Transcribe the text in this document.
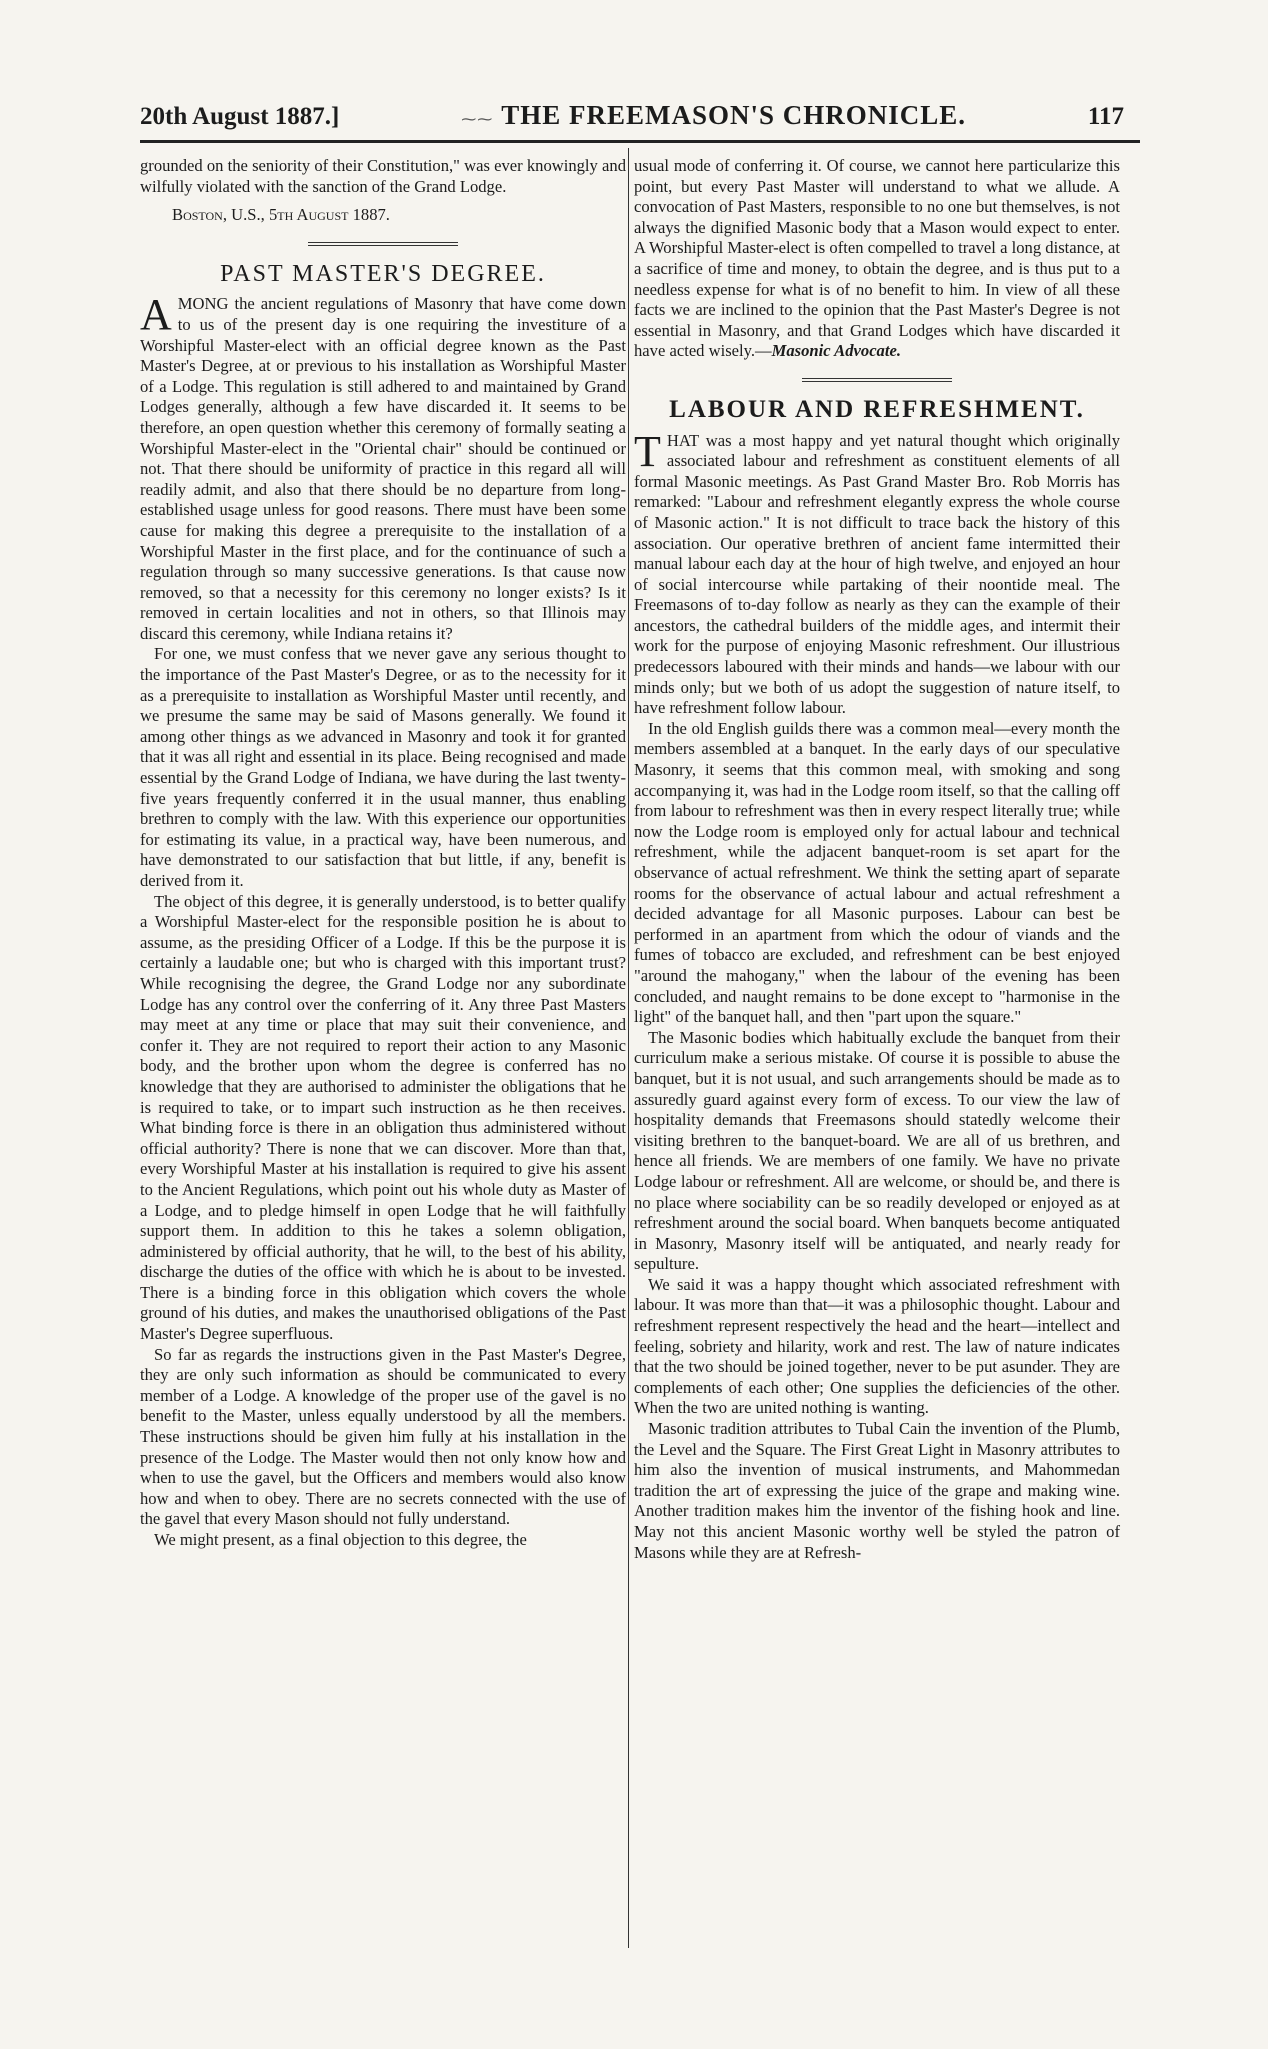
20th August 1887.]	⁓⁓ THE FREEMASON'S CHRONICLE.	117

grounded on the seniority of their Constitution," was ever knowingly and wilfully violated with the sanction of the Grand Lodge.

Boston, U.S., 5th August 1887.

PAST MASTER'S DEGREE.

AMONG the ancient regulations of Masonry that have come down to us of the present day is one requiring the investiture of a Worshipful Master-elect with an official degree known as the Past Master's Degree, at or previous to his installation as Worshipful Master of a Lodge. This regulation is still adhered to and maintained by Grand Lodges generally, although a few have discarded it. It seems to be therefore, an open question whether this ceremony of formally seating a Worshipful Master-elect in the "Oriental chair" should be continued or not. That there should be uniformity of practice in this regard all will readily admit, and also that there should be no departure from long-established usage unless for good reasons. There must have been some cause for making this degree a prerequisite to the installation of a Worshipful Master in the first place, and for the continuance of such a regulation through so many successive generations. Is that cause now removed, so that a necessity for this ceremony no longer exists? Is it removed in certain localities and not in others, so that Illinois may discard this ceremony, while Indiana retains it?

For one, we must confess that we never gave any serious thought to the importance of the Past Master's Degree, or as to the necessity for it as a prerequisite to installation as Worshipful Master until recently, and we presume the same may be said of Masons generally. We found it among other things as we advanced in Masonry and took it for granted that it was all right and essential in its place. Being recognised and made essential by the Grand Lodge of Indiana, we have during the last twenty-five years frequently conferred it in the usual manner, thus enabling brethren to comply with the law. With this experience our opportunities for estimating its value, in a practical way, have been numerous, and have demonstrated to our satisfaction that but little, if any, benefit is derived from it.

The object of this degree, it is generally understood, is to better qualify a Worshipful Master-elect for the responsible position he is about to assume, as the presiding Officer of a Lodge. If this be the purpose it is certainly a laudable one; but who is charged with this important trust? While recognising the degree, the Grand Lodge nor any subordinate Lodge has any control over the conferring of it. Any three Past Masters may meet at any time or place that may suit their convenience, and confer it. They are not required to report their action to any Masonic body, and the brother upon whom the degree is conferred has no knowledge that they are authorised to administer the obligations that he is required to take, or to impart such instruction as he then receives. What binding force is there in an obligation thus administered without official authority? There is none that we can discover. More than that, every Worshipful Master at his installation is required to give his assent to the Ancient Regulations, which point out his whole duty as Master of a Lodge, and to pledge himself in open Lodge that he will faithfully support them. In addition to this he takes a solemn obligation, administered by official authority, that he will, to the best of his ability, discharge the duties of the office with which he is about to be invested. There is a binding force in this obligation which covers the whole ground of his duties, and makes the unauthorised obligations of the Past Master's Degree superfluous.

So far as regards the instructions given in the Past Master's Degree, they are only such information as should be communicated to every member of a Lodge. A knowledge of the proper use of the gavel is no benefit to the Master, unless equally understood by all the members. These instructions should be given him fully at his installation in the presence of the Lodge. The Master would then not only know how and when to use the gavel, but the Officers and members would also know how and when to obey. There are no secrets connected with the use of the gavel that every Mason should not fully understand.

We might present, as a final objection to this degree, the

usual mode of conferring it. Of course, we cannot here particularize this point, but every Past Master will understand to what we allude. A convocation of Past Masters, responsible to no one but themselves, is not always the dignified Masonic body that a Mason would expect to enter. A Worshipful Master-elect is often compelled to travel a long distance, at a sacrifice of time and money, to obtain the degree, and is thus put to a needless expense for what is of no benefit to him. In view of all these facts we are inclined to the opinion that the Past Master's Degree is not essential in Masonry, and that Grand Lodges which have discarded it have acted wisely.—Masonic Advocate.

LABOUR AND REFRESHMENT.

THAT was a most happy and yet natural thought which originally associated labour and refreshment as constituent elements of all formal Masonic meetings. As Past Grand Master Bro. Rob Morris has remarked: "Labour and refreshment elegantly express the whole course of Masonic action." It is not difficult to trace back the history of this association. Our operative brethren of ancient fame intermitted their manual labour each day at the hour of high twelve, and enjoyed an hour of social intercourse while partaking of their noontide meal. The Freemasons of to-day follow as nearly as they can the example of their ancestors, the cathedral builders of the middle ages, and intermit their work for the purpose of enjoying Masonic refreshment. Our illustrious predecessors laboured with their minds and hands—we labour with our minds only; but we both of us adopt the suggestion of nature itself, to have refreshment follow labour.

In the old English guilds there was a common meal—every month the members assembled at a banquet. In the early days of our speculative Masonry, it seems that this common meal, with smoking and song accompanying it, was had in the Lodge room itself, so that the calling off from labour to refreshment was then in every respect literally true; while now the Lodge room is employed only for actual labour and technical refreshment, while the adjacent banquet-room is set apart for the observance of actual refreshment. We think the setting apart of separate rooms for the observance of actual labour and actual refreshment a decided advantage for all Masonic purposes. Labour can best be performed in an apartment from which the odour of viands and the fumes of tobacco are excluded, and refreshment can be best enjoyed "around the mahogany," when the labour of the evening has been concluded, and naught remains to be done except to "harmonise in the light" of the banquet hall, and then "part upon the square."

The Masonic bodies which habitually exclude the banquet from their curriculum make a serious mistake. Of course it is possible to abuse the banquet, but it is not usual, and such arrangements should be made as to assuredly guard against every form of excess. To our view the law of hospitality demands that Freemasons should statedly welcome their visiting brethren to the banquet-board. We are all of us brethren, and hence all friends. We are members of one family. We have no private Lodge labour or refreshment. All are welcome, or should be, and there is no place where sociability can be so readily developed or enjoyed as at refreshment around the social board. When banquets become antiquated in Masonry, Masonry itself will be antiquated, and nearly ready for sepulture.

We said it was a happy thought which associated refreshment with labour. It was more than that—it was a philosophic thought. Labour and refreshment represent respectively the head and the heart—intellect and feeling, sobriety and hilarity, work and rest. The law of nature indicates that the two should be joined together, never to be put asunder. They are complements of each other; One supplies the deficiencies of the other. When the two are united nothing is wanting.

Masonic tradition attributes to Tubal Cain the invention of the Plumb, the Level and the Square. The First Great Light in Masonry attributes to him also the invention of musical instruments, and Mahommedan tradition the art of expressing the juice of the grape and making wine. Another tradition makes him the inventor of the fishing hook and line. May not this ancient Masonic worthy well be styled the patron of Masons while they are at Refresh-
